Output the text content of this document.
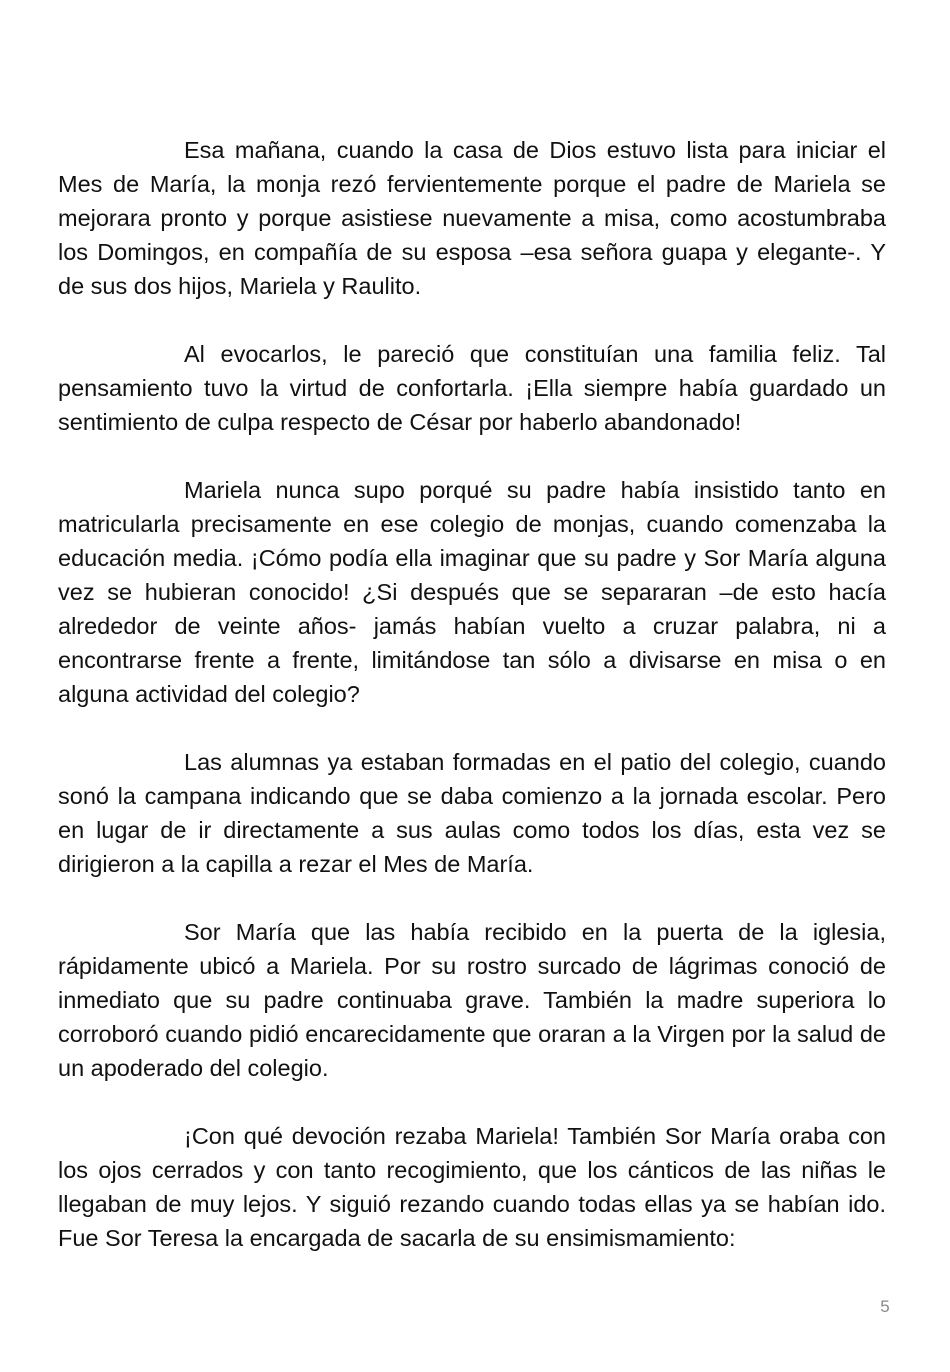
Esa mañana, cuando la casa de Dios estuvo lista para iniciar el Mes de María, la monja rezó fervientemente porque el padre de Mariela se mejorara pronto y porque asistiese nuevamente a misa, como acostumbraba los Domingos, en compañía de su esposa –esa señora guapa y elegante-. Y de sus dos hijos, Mariela y Raulito.

Al evocarlos, le pareció que constituían una familia feliz. Tal pensamiento tuvo la virtud de confortarla. ¡Ella siempre había guardado un sentimiento de culpa respecto de César por haberlo abandonado!

Mariela nunca supo porqué su padre había insistido tanto en matricularla precisamente en ese colegio de monjas, cuando comenzaba la educación media. ¡Cómo podía ella imaginar que su padre y Sor María alguna vez se hubieran conocido! ¿Si después que se separaran –de esto hacía alrededor de veinte años- jamás habían vuelto a cruzar palabra, ni a encontrarse frente a frente, limitándose tan sólo a divisarse en misa o en alguna actividad del colegio?

Las alumnas ya estaban formadas en el patio del colegio, cuando sonó la campana indicando que se daba comienzo a la jornada escolar. Pero en lugar de ir directamente a sus aulas como todos los días, esta vez se dirigieron a la capilla a rezar el Mes de María.

Sor María que las había recibido en la puerta de la iglesia, rápidamente ubicó a Mariela. Por su rostro surcado de lágrimas conoció de inmediato que su padre continuaba grave. También la madre superiora lo corroboró cuando pidió encarecidamente que oraran a la Virgen por la salud de un apoderado del colegio.

¡Con qué devoción rezaba Mariela! También Sor María oraba con los ojos cerrados y con tanto recogimiento, que los cánticos de las niñas le llegaban de muy lejos. Y siguió rezando cuando todas ellas ya se habían ido. Fue Sor Teresa la encargada de sacarla de su ensimismamiento:

5
